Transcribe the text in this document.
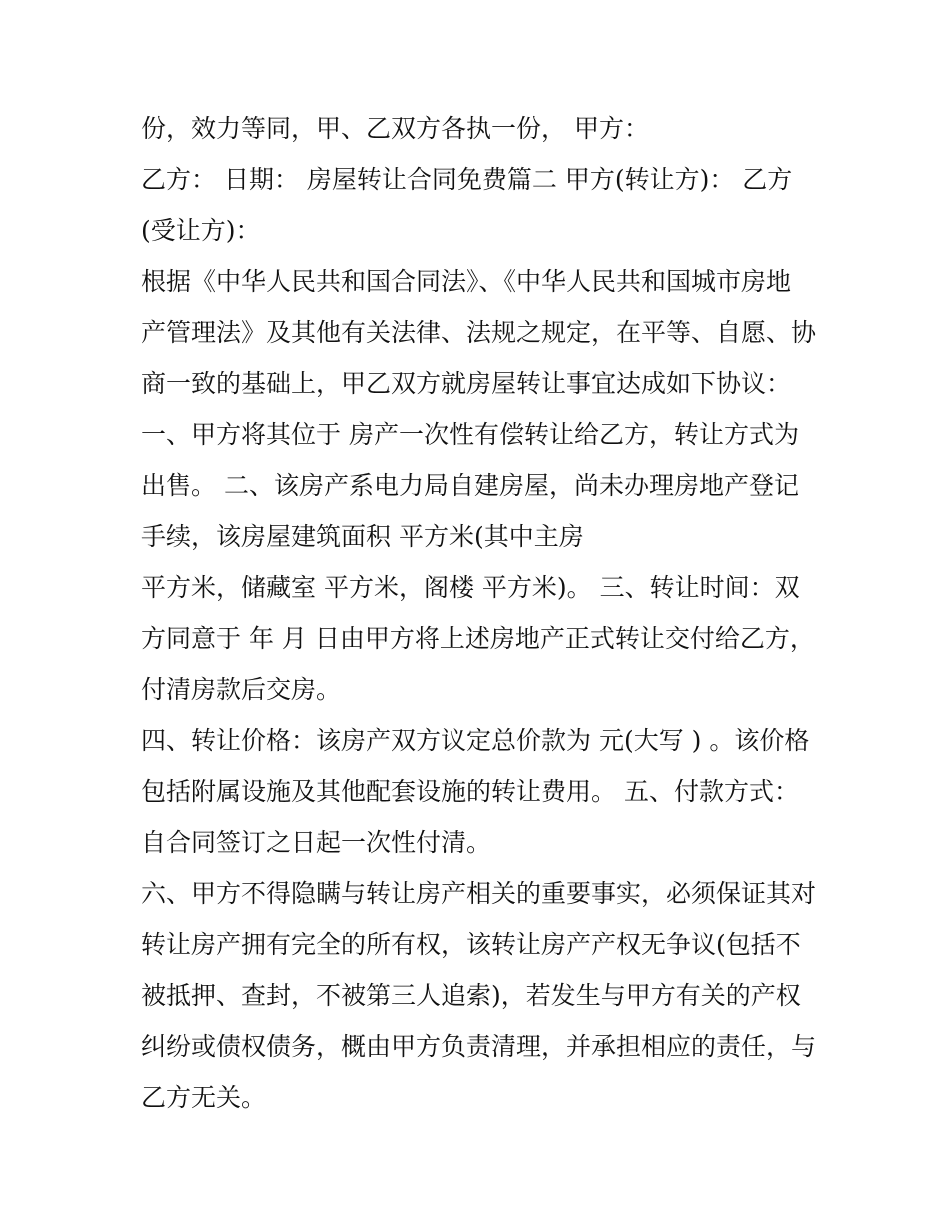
份，效力等同，甲、乙双方各执一份， 甲方：
乙方： 日期： 房屋转让合同免费篇二 甲方(转让方)： 乙方
(受让方)：
根据《中华人民共和国合同法》、《中华人民共和国城市房地
产管理法》及其他有关法律、法规之规定，在平等、自愿、协
商一致的基础上，甲乙双方就房屋转让事宜达成如下协议：
一、甲方将其位于 房产一次性有偿转让给乙方，转让方式为
出售。 二、该房产系电力局自建房屋，尚未办理房地产登记
手续，该房屋建筑面积 平方米(其中主房
平方米，储藏室 平方米，阁楼 平方米)。 三、转让时间：双
方同意于 年 月 日由甲方将上述房地产正式转让交付给乙方，
付清房款后交房。
四、转让价格：该房产双方议定总价款为 元(大写 ) 。该价格
包括附属设施及其他配套设施的转让费用。 五、付款方式：
自合同签订之日起一次性付清。
六、甲方不得隐瞒与转让房产相关的重要事实，必须保证其对
转让房产拥有完全的所有权，该转让房产产权无争议(包括不
被抵押、查封，不被第三人追索)，若发生与甲方有关的产权
纠纷或债权债务，概由甲方负责清理，并承担相应的责任，与
乙方无关。
